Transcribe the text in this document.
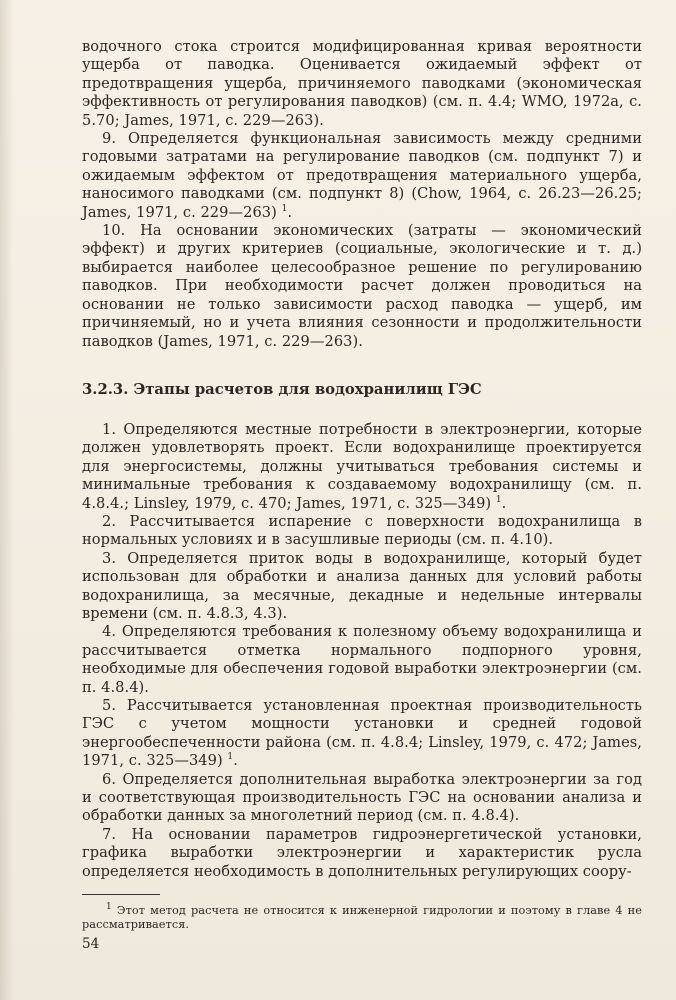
водочного стока строится модифицированная кривая вероятности ущерба от паводка. Оценивается ожидаемый эффект от предотвращения ущерба, причиняемого паводками (экономическая эффективность от регулирования паводков) (см. п. 4.4; WMO, 1972a, с. 5.70; James, 1971, с. 229—263).

9. Определяется функциональная зависимость между средними годовыми затратами на регулирование паводков (см. подпункт 7) и ожидаемым эффектом от предотвращения материального ущерба, наносимого паводками (см. подпункт 8) (Chow, 1964, с. 26.23—26.25; James, 1971, с. 229—263) $^1$.

10. На основании экономических (затраты — экономический эффект) и других критериев (социальные, экологические и т. д.) выбирается наиболее целесообразное решение по регулированию паводков. При необходимости расчет должен проводиться на основании не только зависимости расход паводка — ущерб, им причиняемый, но и учета влияния сезонности и продолжительности паводков (James, 1971, с. 229—263).

3.2.3. Этапы расчетов для водохранилищ ГЭС

1. Определяются местные потребности в электроэнергии, которые должен удовлетворять проект. Если водохранилище проектируется для энергосистемы, должны учитываться требования системы и минимальные требования к создаваемому водохранилищу (см. п. 4.8.4.; Linsley, 1979, с. 470; James, 1971, с. 325—349) $^1$.

2. Рассчитывается испарение с поверхности водохранилища в нормальных условиях и в засушливые периоды (см. п. 4.10).

3. Определяется приток воды в водохранилище, который будет использован для обработки и анализа данных для условий работы водохранилища, за месячные, декадные и недельные интервалы времени (см. п. 4.8.3, 4.3).

4. Определяются требования к полезному объему водохранилища и рассчитывается отметка нормального подпорного уровня, необходимые для обеспечения годовой выработки электроэнергии (см. п. 4.8.4).

5. Рассчитывается установленная проектная производительность ГЭС с учетом мощности установки и средней годовой энергообеспеченности района (см. п. 4.8.4; Linsley, 1979, с. 472; James, 1971, с. 325—349) $^1$.

6. Определяется дополнительная выработка электроэнергии за год и соответствующая производительность ГЭС на основании анализа и обработки данных за многолетний период (см. п. 4.8.4).

7. На основании параметров гидроэнергетической установки, графика выработки электроэнергии и характеристик русла определяется необходимость в дополнительных регулирующих соору-

$^1$ Этот метод расчета не относится к инженерной гидрологии и поэтому в главе 4 не рассматривается.

54
